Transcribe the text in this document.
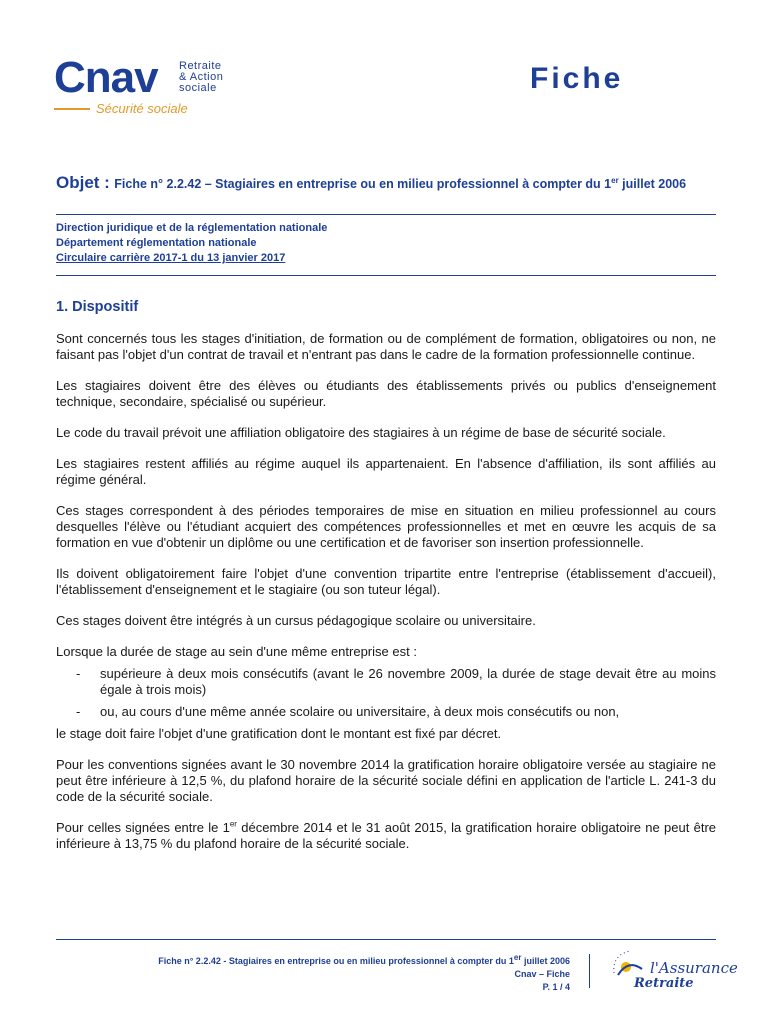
Cnav Retraite
& Action
sociale
Sécurité sociale
Fiche
Objet : Fiche n° 2.2.42 – Stagiaires en entreprise ou en milieu professionnel à compter du 1er juillet 2006
Direction juridique et de la réglementation nationale
Département réglementation nationale
Circulaire carrière 2017-1 du 13 janvier 2017
1. Dispositif

Sont concernés tous les stages d'initiation, de formation ou de complément de formation, obligatoires ou non, ne faisant pas l'objet d'un contrat de travail et n'entrant pas dans le cadre de la formation professionnelle continue.

Les stagiaires doivent être des élèves ou étudiants des établissements privés ou publics d'enseignement technique, secondaire, spécialisé ou supérieur.

Le code du travail prévoit une affiliation obligatoire des stagiaires à un régime de base de sécurité sociale.

Les stagiaires restent affiliés au régime auquel ils appartenaient. En l'absence d'affiliation, ils sont affiliés au régime général.

Ces stages correspondent à des périodes temporaires de mise en situation en milieu professionnel au cours desquelles l'élève ou l'étudiant acquiert des compétences professionnelles et met en œuvre les acquis de sa formation en vue d'obtenir un diplôme ou une certification et de favoriser son insertion professionnelle.

Ils doivent obligatoirement faire l'objet d'une convention tripartite entre l'entreprise (établissement d'accueil), l'établissement d'enseignement et le stagiaire (ou son tuteur légal).

Ces stages doivent être intégrés à un cursus pédagogique scolaire ou universitaire.

Lorsque la durée de stage au sein d'une même entreprise est :

- supérieure à deux mois consécutifs (avant le 26 novembre 2009, la durée de stage devait être au moins égale à trois mois)
- ou, au cours d'une même année scolaire ou universitaire, à deux mois consécutifs ou non,

le stage doit faire l'objet d'une gratification dont le montant est fixé par décret.

Pour les conventions signées avant le 30 novembre 2014 la gratification horaire obligatoire versée au stagiaire ne peut être inférieure à 12,5 %, du plafond horaire de la sécurité sociale défini en application de l'article L. 241-3 du code de la sécurité sociale.

Pour celles signées entre le 1er décembre 2014 et le 31 août 2015, la gratification horaire obligatoire ne peut être inférieure à 13,75 % du plafond horaire de la sécurité sociale.

Fiche n° 2.2.42 - Stagiaires en entreprise ou en milieu professionnel à compter du 1er juillet 2006
Cnav – Fiche
P. 1 / 4
l'Assurance
Retraite
